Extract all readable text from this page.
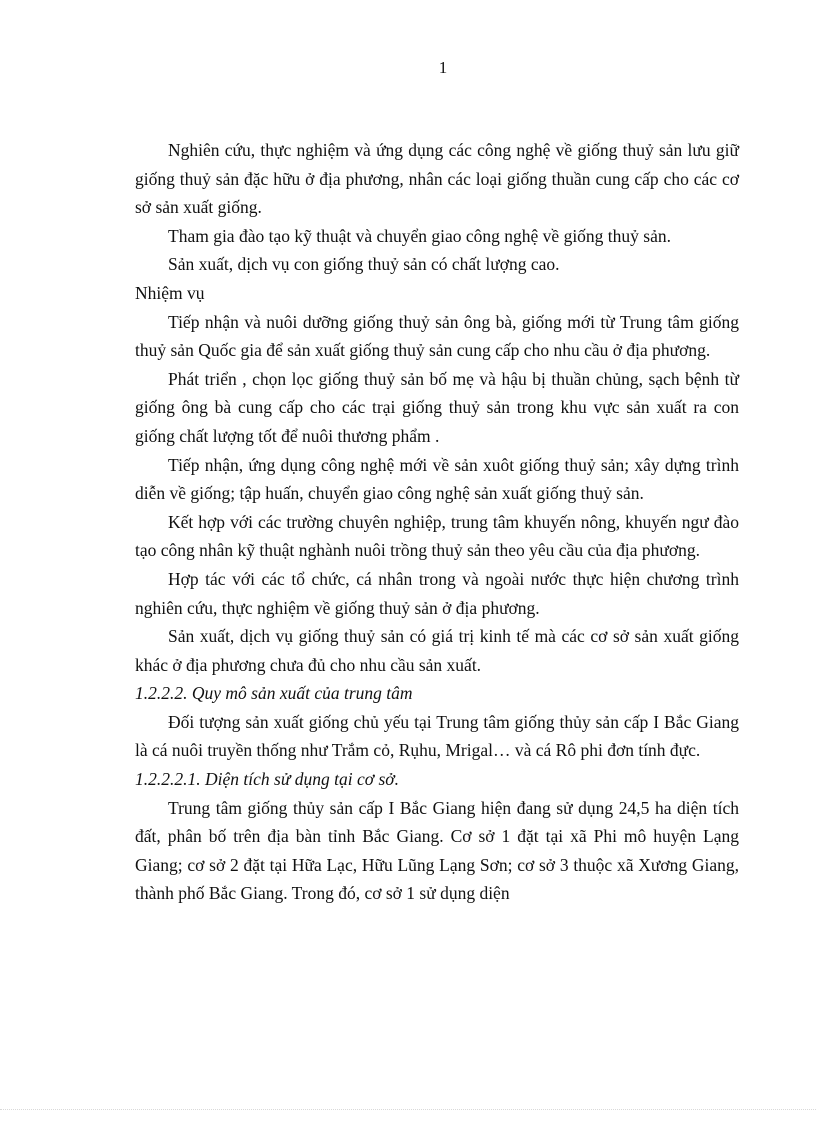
1

Nghiên cứu, thực nghiệm và ứng dụng các công nghệ về giống thuỷ sản lưu giữ giống thuỷ sản đặc hữu ở địa phương, nhân các loại giống thuần cung cấp cho các cơ sở sản xuất giống.

Tham gia đào tạo kỹ thuật và chuyển giao công nghệ về giống thuỷ sản.

Sản xuất, dịch vụ con giống thuỷ sản có chất lượng cao.

Nhiệm vụ

Tiếp nhận và nuôi dưỡng giống thuỷ sản ông bà, giống mới từ Trung tâm giống thuỷ sản Quốc gia để sản xuất giống thuỷ sản cung cấp cho nhu cầu ở địa phương.

Phát triển , chọn lọc giống thuỷ sản bố mẹ và hậu bị thuần chủng, sạch bệnh từ giống ông bà cung cấp cho các trại giống thuỷ sản trong khu vực sản xuất ra con giống chất lượng tốt để nuôi thương phẩm .

Tiếp nhận, ứng dụng công nghệ mới về sản xuôt giống thuỷ sản; xây dựng trình diễn về giống; tập huấn, chuyển giao công nghệ sản xuất giống thuỷ sản.

Kết hợp với các trường chuyên nghiệp, trung tâm khuyến nông, khuyến ngư đào tạo công nhân kỹ thuật nghành nuôi trồng thuỷ sản theo yêu cầu của địa phương.

Hợp tác với các tổ chức, cá nhân trong và ngoài nước thực hiện chương trình nghiên cứu, thực nghiệm về giống thuỷ sản ở địa phương.

Sản xuất, dịch vụ giống thuỷ sản có giá trị kinh tế mà các cơ sở sản xuất giống khác ở địa phương chưa đủ cho nhu cầu sản xuất.

1.2.2.2. Quy mô sản xuất của trung tâm

Đối tượng sản xuất giống chủ yếu tại Trung tâm giống thủy sản cấp I Bắc Giang là cá nuôi truyền thống như Trắm cỏ, Rụhu, Mrigal… và cá Rô phi đơn tính đực.

1.2.2.2.1. Diện tích sử dụng tại cơ sở.

Trung tâm giống thủy sản cấp I Bắc Giang hiện đang sử dụng 24,5 ha diện tích đất, phân bố trên địa bàn tỉnh Bắc Giang. Cơ sở 1 đặt tại xã Phi mô huyện Lạng Giang; cơ sở 2 đặt tại Hữa Lạc, Hữu Lũng Lạng Sơn; cơ sở 3 thuộc xã Xương Giang, thành phố Bắc Giang. Trong đó, cơ sở 1 sử dụng diện
